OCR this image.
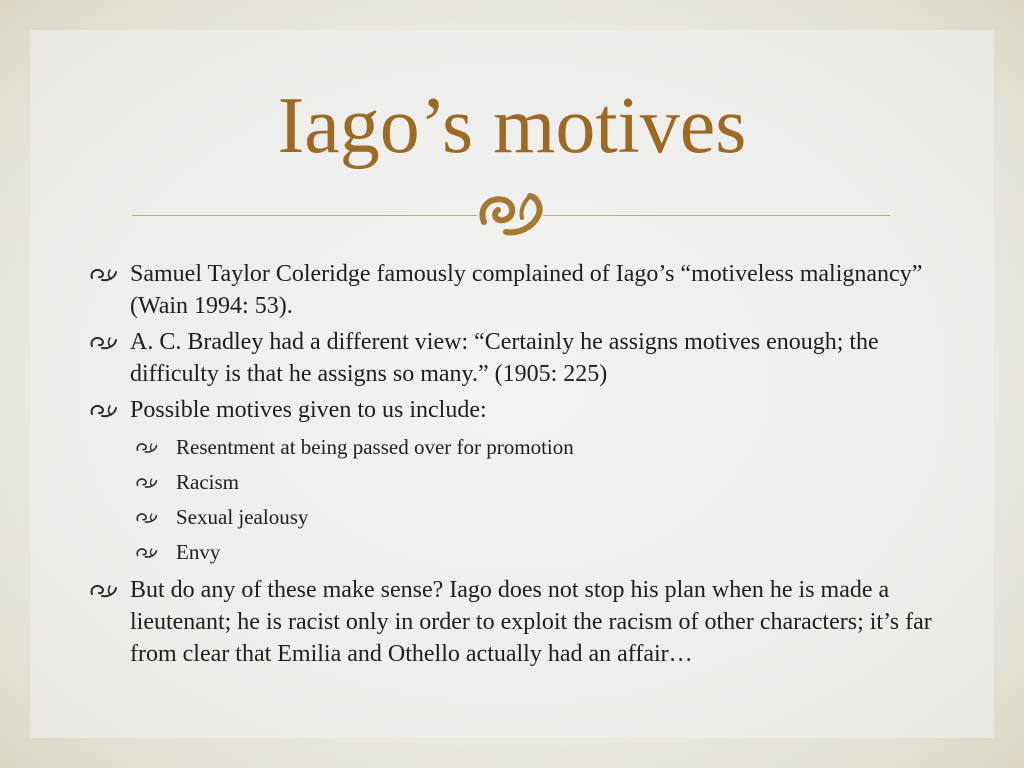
Iago’s motives
Samuel Taylor Coleridge famously complained of Iago’s “motiveless malignancy” (Wain 1994: 53).
A. C. Bradley had a different view: “Certainly he assigns motives enough; the difficulty is that he assigns so many.” (1905: 225)
Possible motives given to us include:
Resentment at being passed over for promotion
Racism
Sexual jealousy
Envy
But do any of these make sense? Iago does not stop his plan when he is made a lieutenant; he is racist only in order to exploit the racism of other characters; it’s far from clear that Emilia and Othello actually had an affair…
